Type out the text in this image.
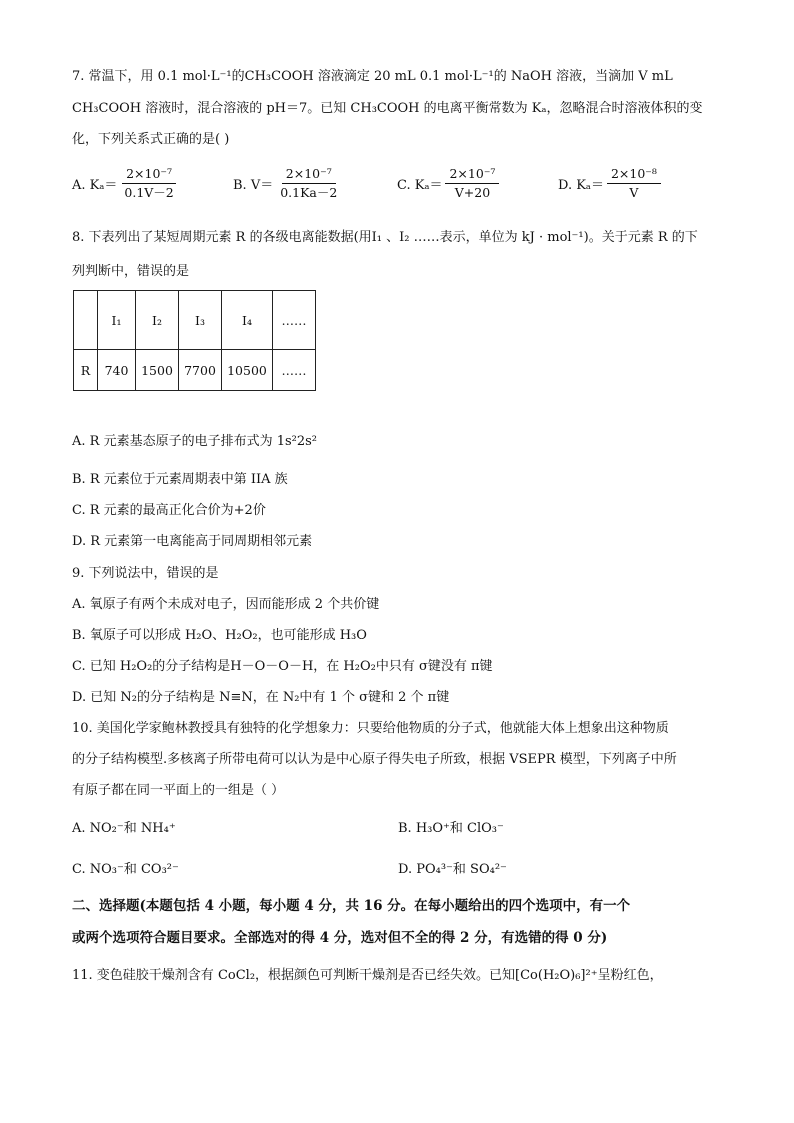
7. 常温下，用 0.1 mol·L⁻¹的CH₃COOH 溶液滴定 20 mL 0.1 mol·L⁻¹的 NaOH 溶液，当滴加 V mL
CH₃COOH 溶液时，混合溶液的 pH＝7。已知 CH₃COOH 的电离平衡常数为 Kₐ，忽略混合时溶液体积的变
化，下列关系式正确的是( )
A. $K_a= \frac{\text{2×10⁻⁷}}{0.1V-2}$	B. $V= \frac{\text{2×10⁻⁷}}{0.1Ka-2}$	C. $K_a= \frac{\text{2×10⁻⁷}}{V+20}$	D. $K_a= \frac{\text{2×10⁻⁸}}{V}$
8. 下表列出了某短周期元素 R 的各级电离能数据(用I₁ 、I₂ ……表示，单位为 kJ · mol⁻¹)。关于元素 R 的下
列判断中，错误的是
	I₁	I₂	I₃	I₄	……
R	740	1500	7700	10500	……
A. R 元素基态原子的电子排布式为 1s²2s²
B. R 元素位于元素周期表中第 IIA 族
C. R 元素的最高正化合价为+2价
D. R 元素第一电离能高于同周期相邻元素
9. 下列说法中，错误的是
A. 氧原子有两个未成对电子，因而能形成 2 个共价键
B. 氧原子可以形成 H₂O、H₂O₂，也可能形成 H₃O
C. 已知 H₂O₂的分子结构是H－O－O－H，在 H₂O₂中只有 σ键没有 π键
D. 已知 N₂的分子结构是 N≡N，在 N₂中有 1 个 σ键和 2 个 π键
10. 美国化学家鲍林教授具有独特的化学想象力：只要给他物质的分子式，他就能大体上想象出这种物质
的分子结构模型.多核离子所带电荷可以认为是中心原子得失电子所致，根据 VSEPR 模型，下列离子中所
有原子都在同一平面上的一组是（ ）
A. NO₂⁻和 NH₄⁺	B. H₃O⁺和 ClO₃⁻
C. NO₃⁻和 CO₃²⁻	D. PO₄³⁻和 SO₄²⁻
二、选择题(本题包括 4 小题，每小题 4 分，共 16 分。在每小题给出的四个选项中，有一个
或两个选项符合题目要求。全部选对的得 4 分，选对但不全的得 2 分，有选错的得 0 分)
11. 变色硅胶干燥剂含有 CoCl₂，根据颜色可判断干燥剂是否已经失效。已知[Co(H₂O)₆]²⁺呈粉红色，
